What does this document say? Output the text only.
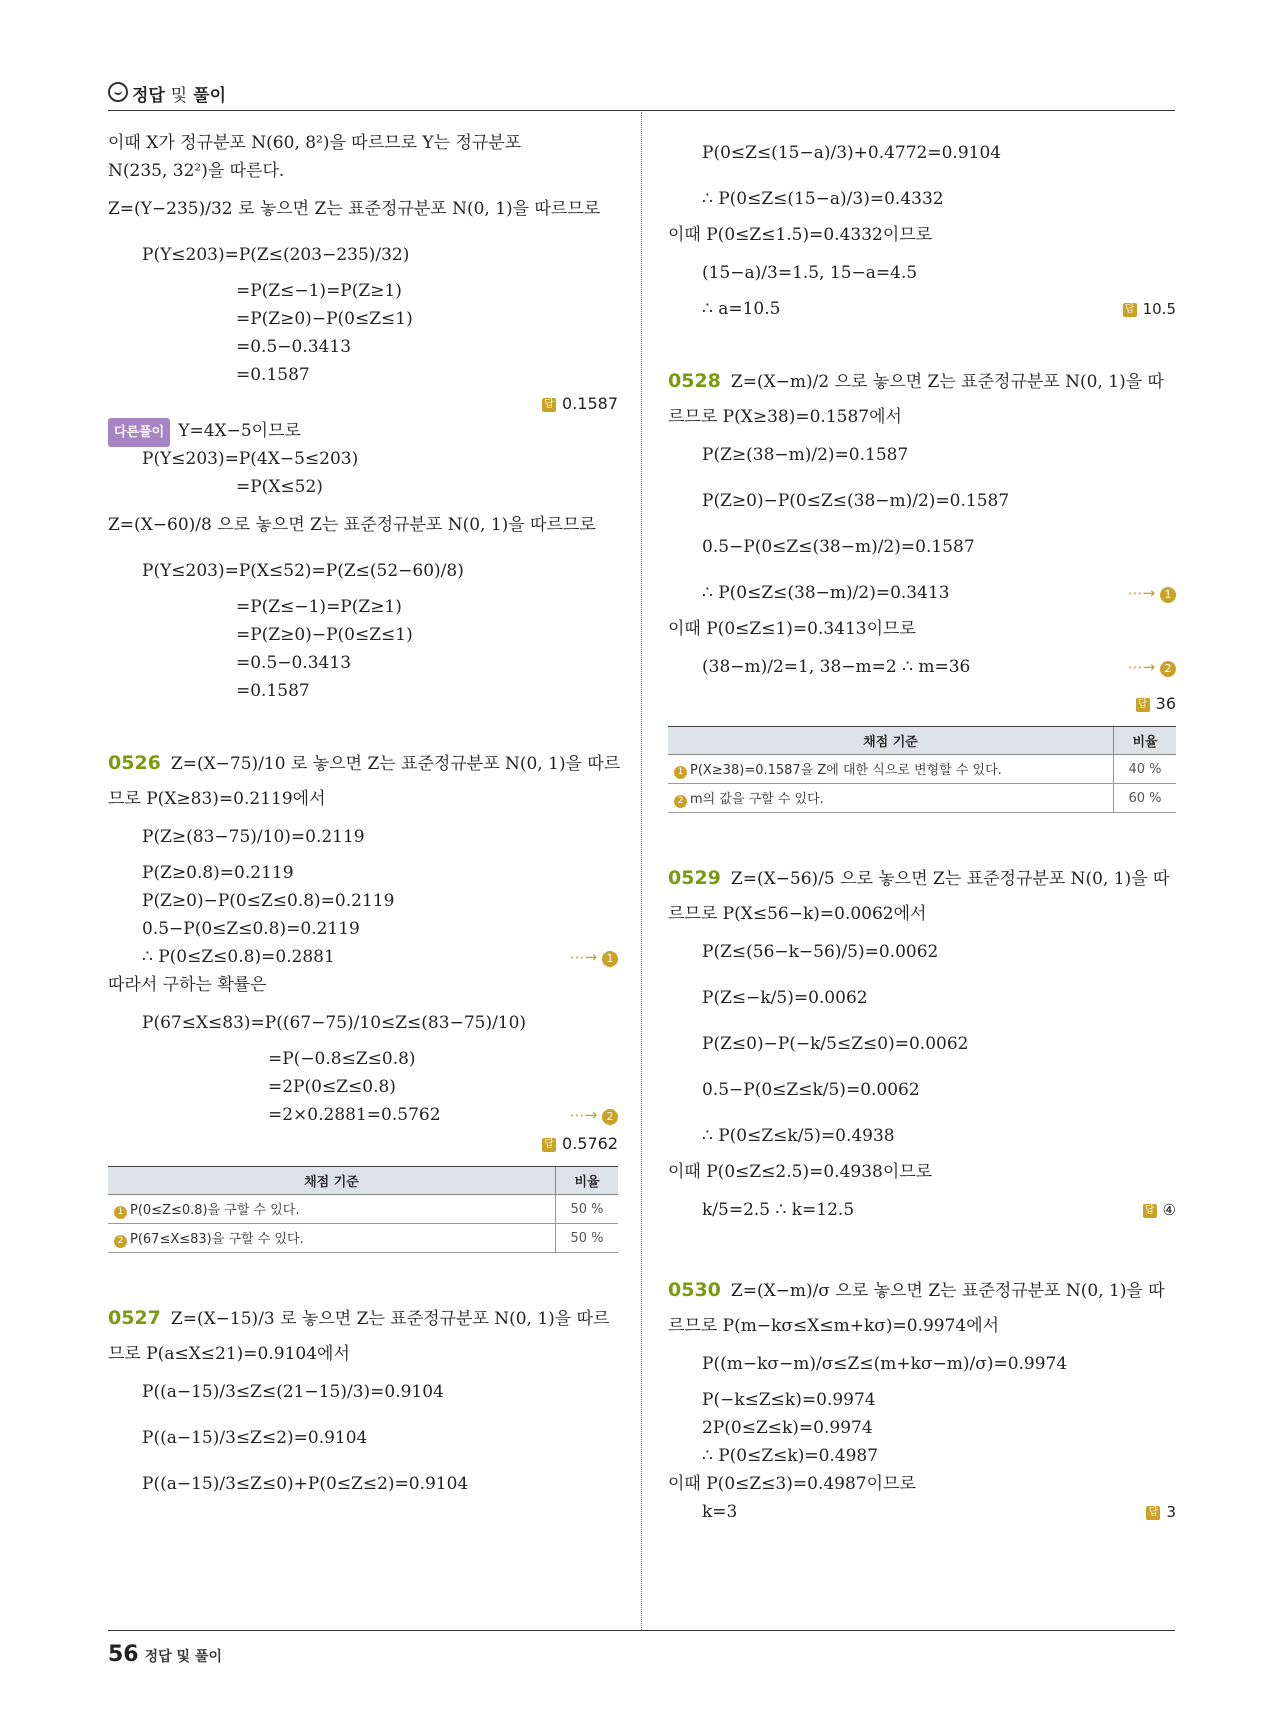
정답 및 풀이
이때 X가 정규분포 N(60, 8²)을 따르므로 Y는 정규분포
N(235, 32²)을 따른다.
Z=(Y−235)/32 로 놓으면 Z는 표준정규분포 N(0, 1)을 따르므로
P(Y≤203)=P(Z≤(203−235)/32)
=P(Z≤−1)=P(Z≥1)
=P(Z≥0)−P(0≤Z≤1)
=0.5−0.3413
=0.1587
답 0.1587
다른풀이 Y=4X−5이므로
P(Y≤203)=P(4X−5≤203)
=P(X≤52)
Z=(X−60)/8 으로 놓으면 Z는 표준정규분포 N(0, 1)을 따르므로
P(Y≤203)=P(X≤52)=P(Z≤(52−60)/8)
=P(Z≤−1)=P(Z≥1)
=P(Z≥0)−P(0≤Z≤1)
=0.5−0.3413
=0.1587
0526 Z=(X−75)/10 로 놓으면 Z는 표준정규분포 N(0, 1)을 따르
므로 P(X≥83)=0.2119에서
P(Z≥(83−75)/10)=0.2119
P(Z≥0.8)=0.2119
P(Z≥0)−P(0≤Z≤0.8)=0.2119
0.5−P(0≤Z≤0.8)=0.2119
∴ P(0≤Z≤0.8)=0.2881	⋯→ 1
따라서 구하는 확률은
P(67≤X≤83)=P((67−75)/10≤Z≤(83−75)/10)
=P(−0.8≤Z≤0.8)
=2P(0≤Z≤0.8)
=2×0.2881=0.5762	⋯→ 2
답 0.5762
채점 기준	비율
1 P(0≤Z≤0.8)을 구할 수 있다.	50 %
2 P(67≤X≤83)을 구할 수 있다.	50 %
0527 Z=(X−15)/3 로 놓으면 Z는 표준정규분포 N(0, 1)을 따르
므로 P(a≤X≤21)=0.9104에서
P((a−15)/3≤Z≤(21−15)/3)=0.9104
P((a−15)/3≤Z≤2)=0.9104
P((a−15)/3≤Z≤0)+P(0≤Z≤2)=0.9104
P(0≤Z≤(15−a)/3)+0.4772=0.9104
∴ P(0≤Z≤(15−a)/3)=0.4332
이때 P(0≤Z≤1.5)=0.4332이므로
(15−a)/3=1.5, 15−a=4.5
∴ a=10.5	답 10.5
0528 Z=(X−m)/2 으로 놓으면 Z는 표준정규분포 N(0, 1)을 따
르므로 P(X≥38)=0.1587에서
P(Z≥(38−m)/2)=0.1587
P(Z≥0)−P(0≤Z≤(38−m)/2)=0.1587
0.5−P(0≤Z≤(38−m)/2)=0.1587
∴ P(0≤Z≤(38−m)/2)=0.3413	⋯→ 1
이때 P(0≤Z≤1)=0.3413이므로
(38−m)/2=1, 38−m=2 ∴ m=36	⋯→ 2
답 36
채점 기준	비율
1 P(X≥38)=0.1587을 Z에 대한 식으로 변형할 수 있다.	40 %
2 m의 값을 구할 수 있다.	60 %
0529 Z=(X−56)/5 으로 놓으면 Z는 표준정규분포 N(0, 1)을 따
르므로 P(X≤56−k)=0.0062에서
P(Z≤(56−k−56)/5)=0.0062
P(Z≤−k/5)=0.0062
P(Z≤0)−P(−k/5≤Z≤0)=0.0062
0.5−P(0≤Z≤k/5)=0.0062
∴ P(0≤Z≤k/5)=0.4938
이때 P(0≤Z≤2.5)=0.4938이므로
k/5=2.5 ∴ k=12.5	답 ④
0530 Z=(X−m)/σ 으로 놓으면 Z는 표준정규분포 N(0, 1)을 따
르므로 P(m−kσ≤X≤m+kσ)=0.9974에서
P((m−kσ−m)/σ≤Z≤(m+kσ−m)/σ)=0.9974
P(−k≤Z≤k)=0.9974
2P(0≤Z≤k)=0.9974
∴ P(0≤Z≤k)=0.4987
이때 P(0≤Z≤3)=0.4987이므로
k=3	답 3
56 정답 및 풀이
